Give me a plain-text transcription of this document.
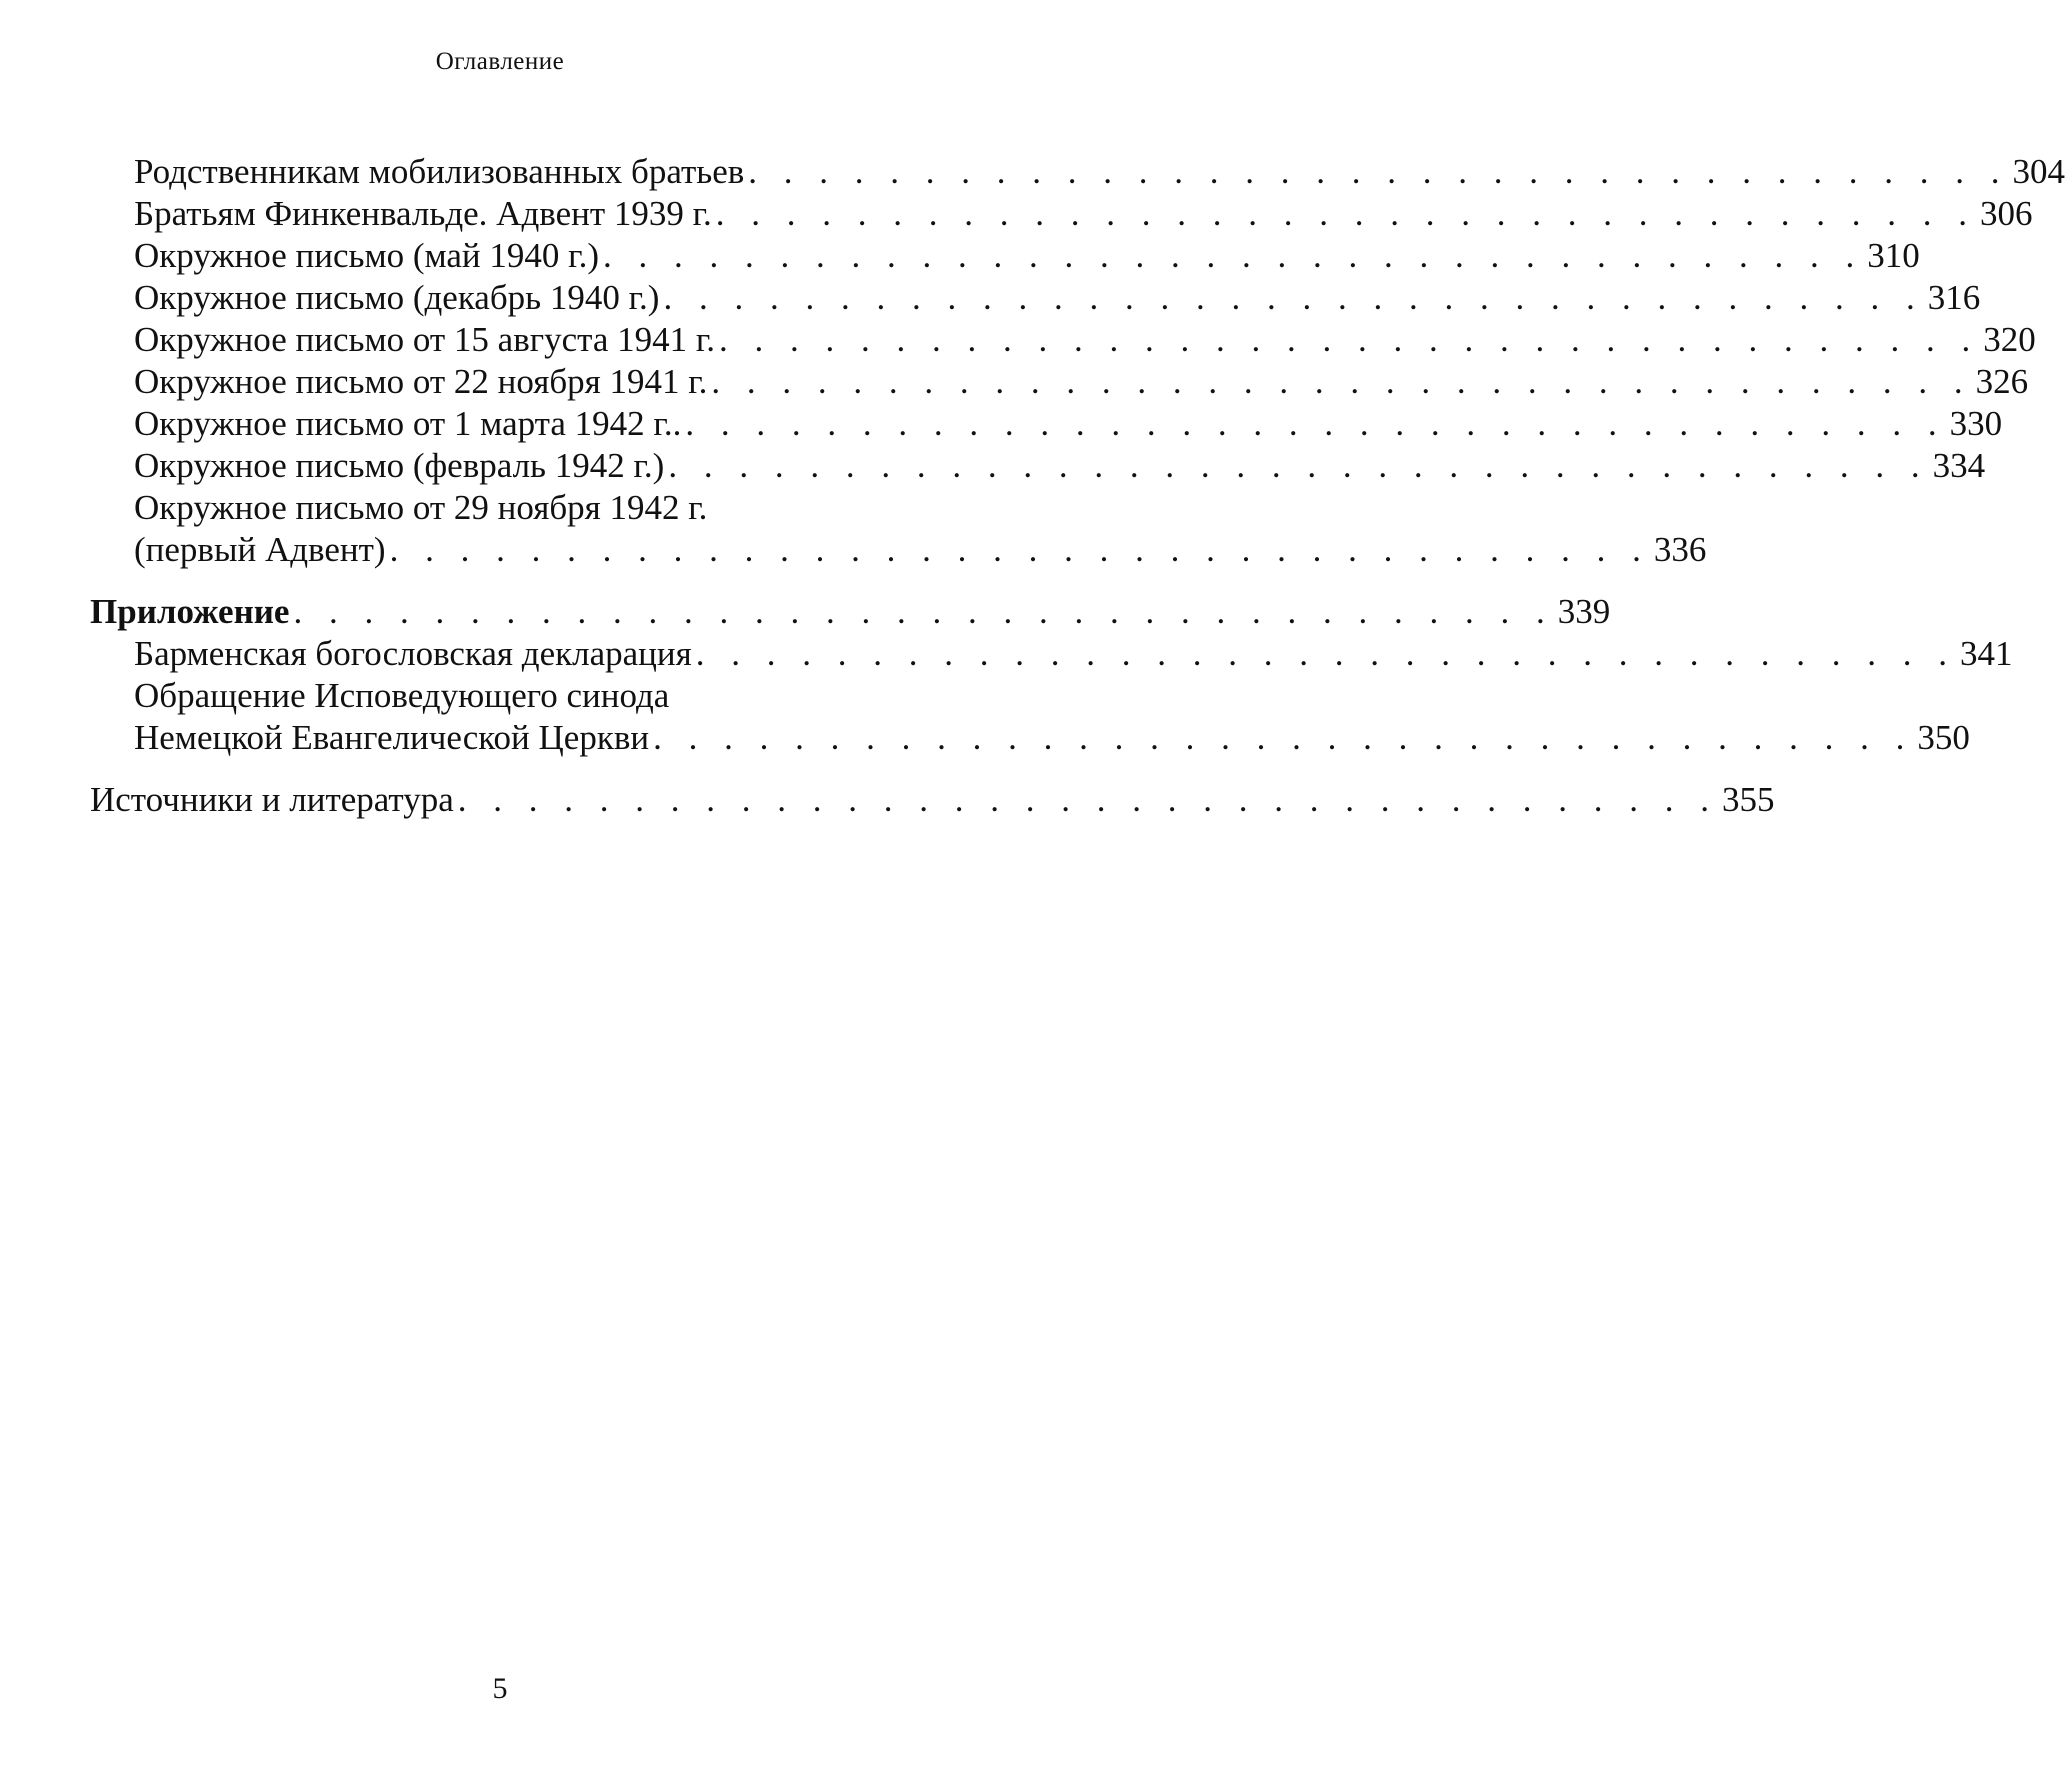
Оглавление
Родственникам мобилизованных братьев . . . . . . . . . . . . . . . . . . . . . . . . . . . . . . . . . . . . 304
Братьям Финкенвальде. Адвент 1939 г. . . . . . . . . . . . . . . . . . . . . . . . . . . . . . . . . . . . . 306
Окружное письмо (май 1940 г.) . . . . . . . . . . . . . . . . . . . . . . . . . . . . . . . . . . . . 310
Окружное письмо (декабрь 1940 г.) . . . . . . . . . . . . . . . . . . . . . . . . . . . . . . . . . . . . 316
Окружное письмо от 15 августа 1941 г. . . . . . . . . . . . . . . . . . . . . . . . . . . . . . . . . . . . . 320
Окружное письмо от 22 ноября 1941 г. . . . . . . . . . . . . . . . . . . . . . . . . . . . . . . . . . . . . 326
Окружное письмо от 1 марта 1942 г.. . . . . . . . . . . . . . . . . . . . . . . . . . . . . . . . . . . . . 330
Окружное письмо (февраль 1942 г.) . . . . . . . . . . . . . . . . . . . . . . . . . . . . . . . . . . . . 334
Окружное письмо от 29 ноября 1942 г.
(первый Адвент) . . . . . . . . . . . . . . . . . . . . . . . . . . . . . . . . . . . . 336
Приложение . . . . . . . . . . . . . . . . . . . . . . . . . . . . . . . . . . . . 339
Барменская богословская декларация . . . . . . . . . . . . . . . . . . . . . . . . . . . . . . . . . . . . 341
Обращение Исповедующего синода
Немецкой Евангелической Церкви . . . . . . . . . . . . . . . . . . . . . . . . . . . . . . . . . . . . 350
Источники и литература . . . . . . . . . . . . . . . . . . . . . . . . . . . . . . . . . . . . 355
5
